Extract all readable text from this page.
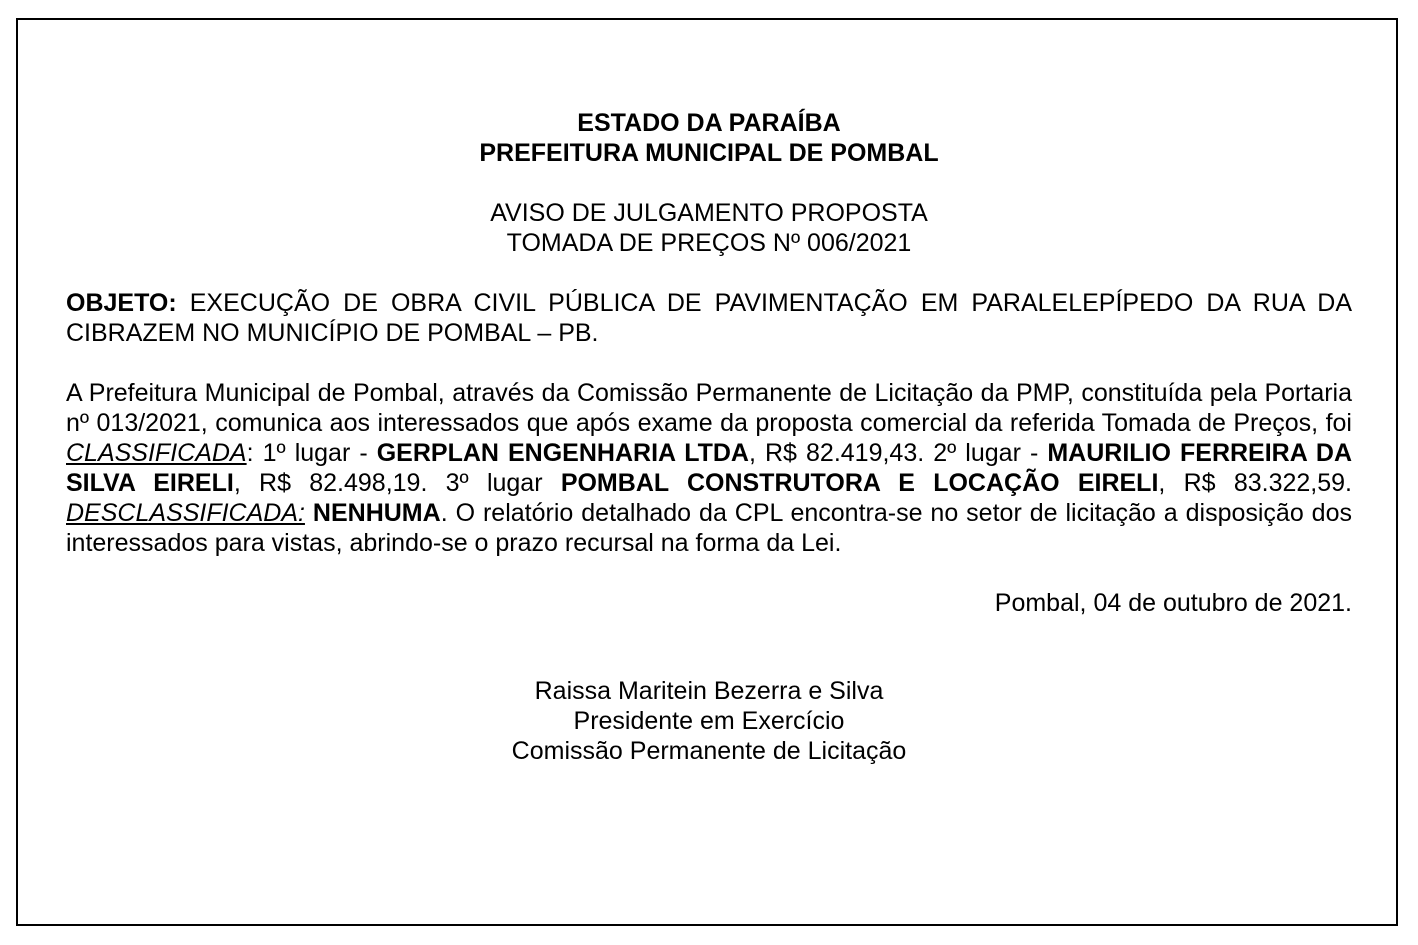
ESTADO DA PARAÍBA
PREFEITURA MUNICIPAL DE POMBAL
AVISO DE JULGAMENTO PROPOSTA
TOMADA DE PREÇOS Nº 006/2021
OBJETO: EXECUÇÃO DE OBRA CIVIL PÚBLICA DE PAVIMENTAÇÃO EM PARALELEPÍPEDO DA RUA DA CIBRAZEM NO MUNICÍPIO DE POMBAL – PB.
A Prefeitura Municipal de Pombal, através da Comissão Permanente de Licitação da PMP, constituída pela Portaria nº 013/2021, comunica aos interessados que após exame da proposta comercial da referida Tomada de Preços, foi CLASSIFICADA: 1º lugar - GERPLAN ENGENHARIA LTDA, R$ 82.419,43. 2º lugar - MAURILIO FERREIRA DA SILVA EIRELI, R$ 82.498,19. 3º lugar POMBAL CONSTRUTORA E LOCAÇÃO EIRELI, R$ 83.322,59. DESCLASSIFICADA: NENHUMA. O relatório detalhado da CPL encontra-se no setor de licitação a disposição dos interessados para vistas, abrindo-se o prazo recursal na forma da Lei.
Pombal, 04 de outubro de 2021.
Raissa Maritein Bezerra e Silva
Presidente em Exercício
Comissão Permanente de Licitação
